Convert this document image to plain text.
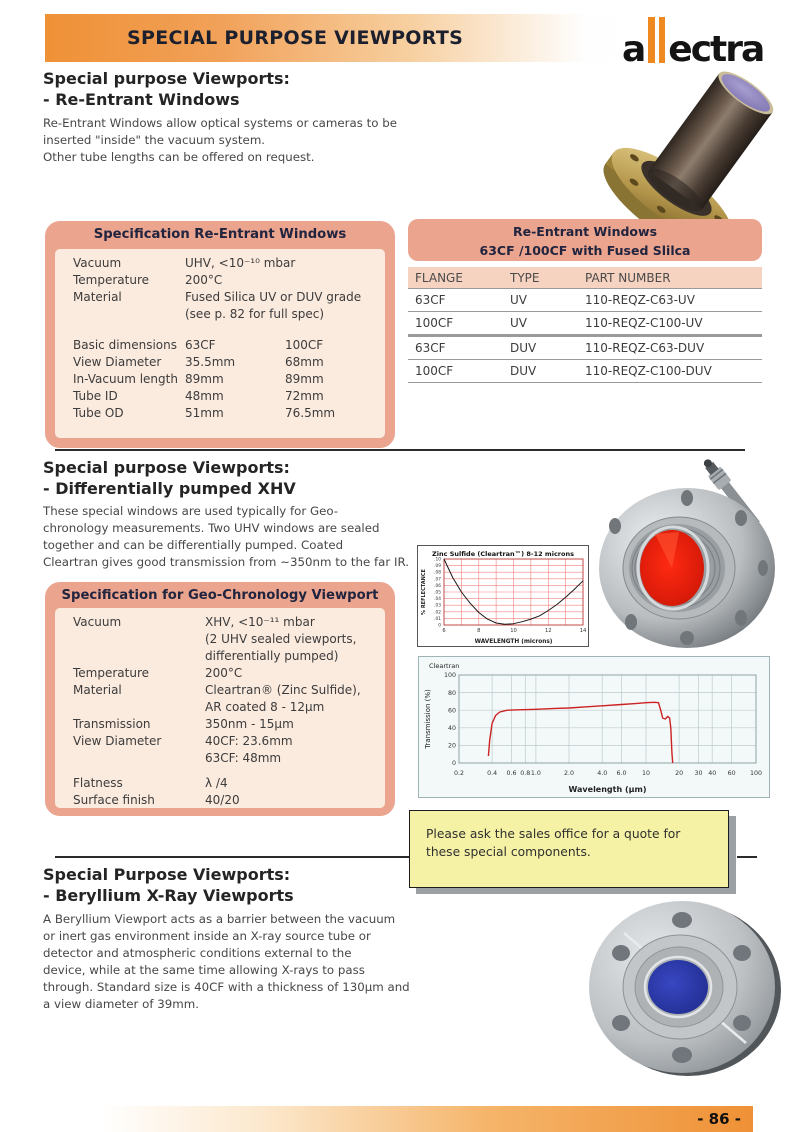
SPECIAL PURPOSE VIEWPORTS	a ectra
Special purpose Viewports:
- Re-Entrant Windows
Re-Entrant Windows allow optical systems or cameras to be
inserted "inside" the vacuum system.
Other tube lengths can be offered on request.
Specification Re-Entrant Windows
Vacuum	UHV, <10⁻¹⁰ mbar
Temperature	200°C
Material	Fused Silica UV or DUV grade
(see p. 82 for full spec)
Basic dimensions 63CF	100CF
View Diameter	35.5mm	68mm
In-Vacuum length 89mm	89mm
Tube ID	48mm	72mm
Tube OD	51mm	76.5mm
Re-Entrant Windows
63CF /100CF with Fused Slilca
FLANGE	TYPE	PART NUMBER
63CF	UV	110-REQZ-C63-UV
100CF	UV	110-REQZ-C100-UV
63CF	DUV	110-REQZ-C63-DUV
100CF	DUV	110-REQZ-C100-DUV
Special purpose Viewports:
- Differentially pumped XHV
These special windows are used typically for Geo-
chronology measurements. Two UHV windows are sealed
together and can be differentially pumped. Coated
Cleartran gives good transmission from ~350nm to the far IR.
Specification for Geo-Chronology Viewport
Vacuum	XHV, <10⁻¹¹ mbar
(2 UHV sealed viewports,
differentially pumped)
Temperature	200°C
Material	Cleartran® (Zinc Sulfide),
AR coated 8 - 12μm
Transmission	350nm - 15μm
View Diameter	40CF: 23.6mm
63CF: 48mm
Flatness	λ /4
Surface finish	40/20
6	8	10	12	14
0
.01
.02
.03
.04
.05
.06
.07
.08
.09
.10
Zinc Sulfide (Cleartran™) 8-12 microns
WAVELENGTH (microns)
% REFLECTANCE
0.2	0.4 0.6 0.8 1.0	2.0	4.0 6.0 10	20 30 40 60 100
0
20
40
60
80
100
Cleartran
Wavelength (μm)
Transmission (%)
Please ask the sales office for a quote for these special components.
Special Purpose Viewports:
- Beryllium X-Ray Viewports
A Beryllium Viewport acts as a barrier between the vacuum
or inert gas environment inside an X-ray source tube or
detector and atmospheric conditions external to the
device, while at the same time allowing X-rays to pass
through. Standard size is 40CF with a thickness of 130μm and
a view diameter of 39mm.
- 86 -
